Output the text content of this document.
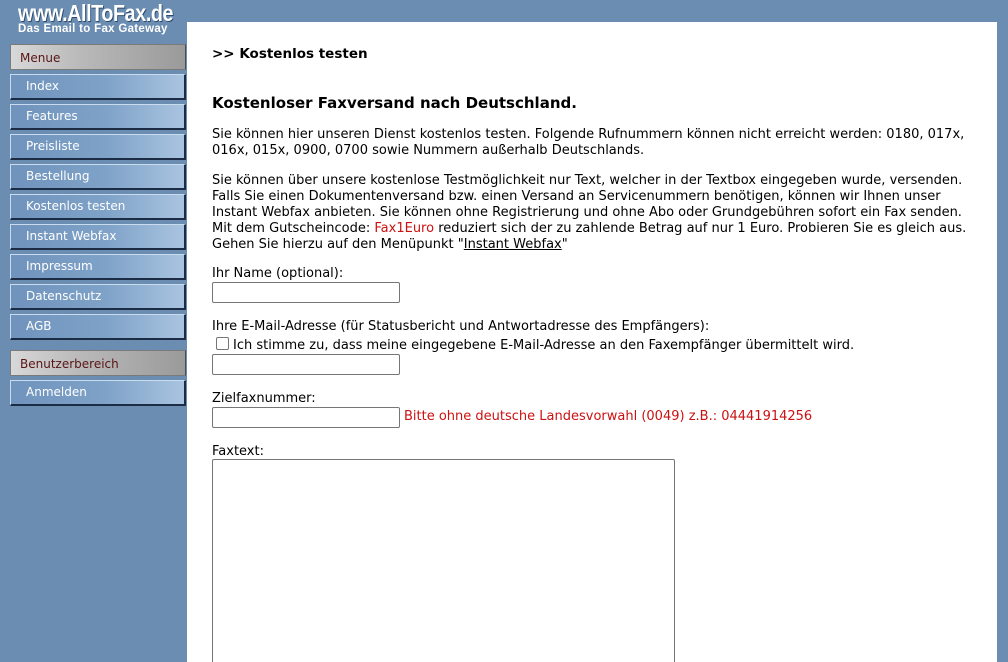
www.AllToFax.de
Das Email to Fax Gateway
Menue
Index
Features
Preisliste
Bestellung
Kostenlos testen
Instant Webfax
Impressum
Datenschutz
AGB
Benutzerbereich
Anmelden
>> Kostenlos testen
Kostenloser Faxversand nach Deutschland.
Sie können hier unseren Dienst kostenlos testen. Folgende Rufnummern können nicht erreicht werden: 0180, 017x, 016x, 015x, 0900, 0700 sowie Nummern außerhalb Deutschlands.
Sie können über unsere kostenlose Testmöglichkeit nur Text, welcher in der Textbox eingegeben wurde, versenden. Falls Sie einen Dokumentenversand bzw. einen Versand an Servicenummern benötigen, können wir Ihnen unser Instant Webfax anbieten. Sie können ohne Registrierung und ohne Abo oder Grundgebühren sofort ein Fax senden. Mit dem Gutscheincode: Fax1Euro reduziert sich der zu zahlende Betrag auf nur 1 Euro. Probieren Sie es gleich aus. Gehen Sie hierzu auf den Menüpunkt "Instant Webfax"
Ihr Name (optional):
Ihre E-Mail-Adresse (für Statusbericht und Antwortadresse des Empfängers):
Ich stimme zu, dass meine eingegebene E-Mail-Adresse an den Faxempfänger übermittelt wird.
Zielfaxnummer:
Bitte ohne deutsche Landesvorwahl (0049) z.B.: 04441914256
Faxtext:
